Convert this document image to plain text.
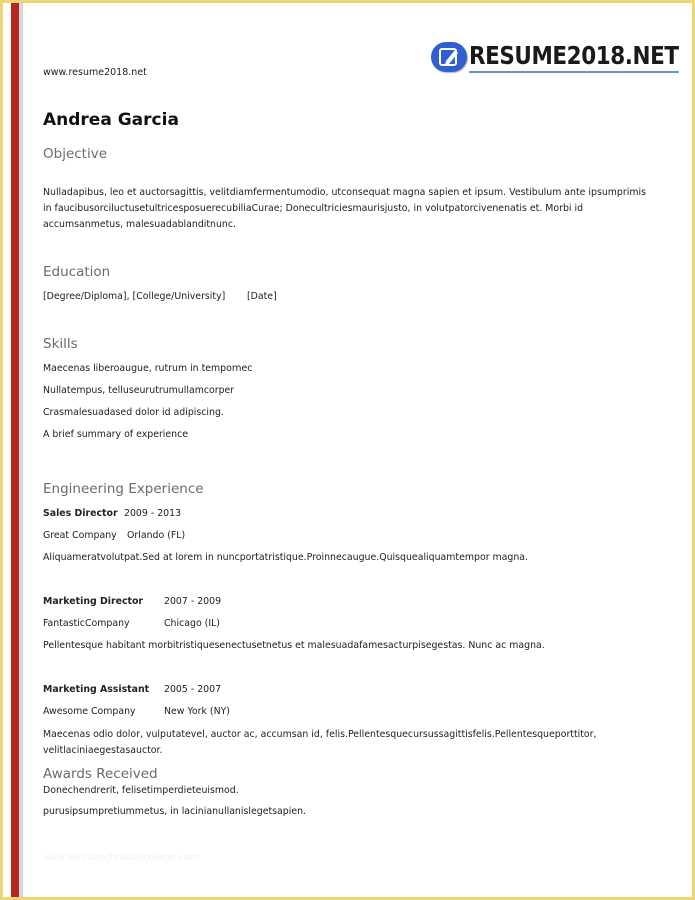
www.resume2018.net
RESUME2018.NET
Andrea Garcia
Objective
Nulladapibus, leo et auctorsagittis, velitdiamfermentumodio, utconsequat magna sapien et ipsum. Vestibulum ante ipsumprimis in faucibusorciluctusetultricesposuerecubiliaCurae; Donecultriciesmaurisjusto, in volutpatorcivenenatis et. Morbi id accumsanmetus, malesuadablanditnunc.
Education
[Degree/Diploma], [College/University] [Date]
Skills
Maecenas liberoaugue, rutrum in tempornec
Nullatempus, telluseurutrumullamcorper
Crasmalesuadased dolor id adipiscing.
A brief summary of experience
Engineering Experience
Sales Director 2009 - 2013
Great Company Orlando (FL)
Aliquameratvolutpat.Sed at lorem in nuncportatristique.Proinnecaugue.Quisquealiquamtempor magna.
Marketing Director 2007 - 2009
FantasticCompany	Chicago (IL)
Pellentesque habitant morbitristiquesenectusetnetus et malesuadafamesacturpisegestas. Nunc ac magna.
Marketing Assistant 2005 - 2007
Awesome Company	New York (NY)
Maecenas odio dolor, vulputatevel, auctor ac, accumsan id, felis.Pellentesquecursussagittisfelis.Pellentesqueporttitor, velitlaciniaegestasauctor.
Awards Received
Donechendrerit, felisetimperdieteuismod.
purusipsumpretiummetus, in lacinianullanislegetsapien.
www.heritagechristiancollege.com
